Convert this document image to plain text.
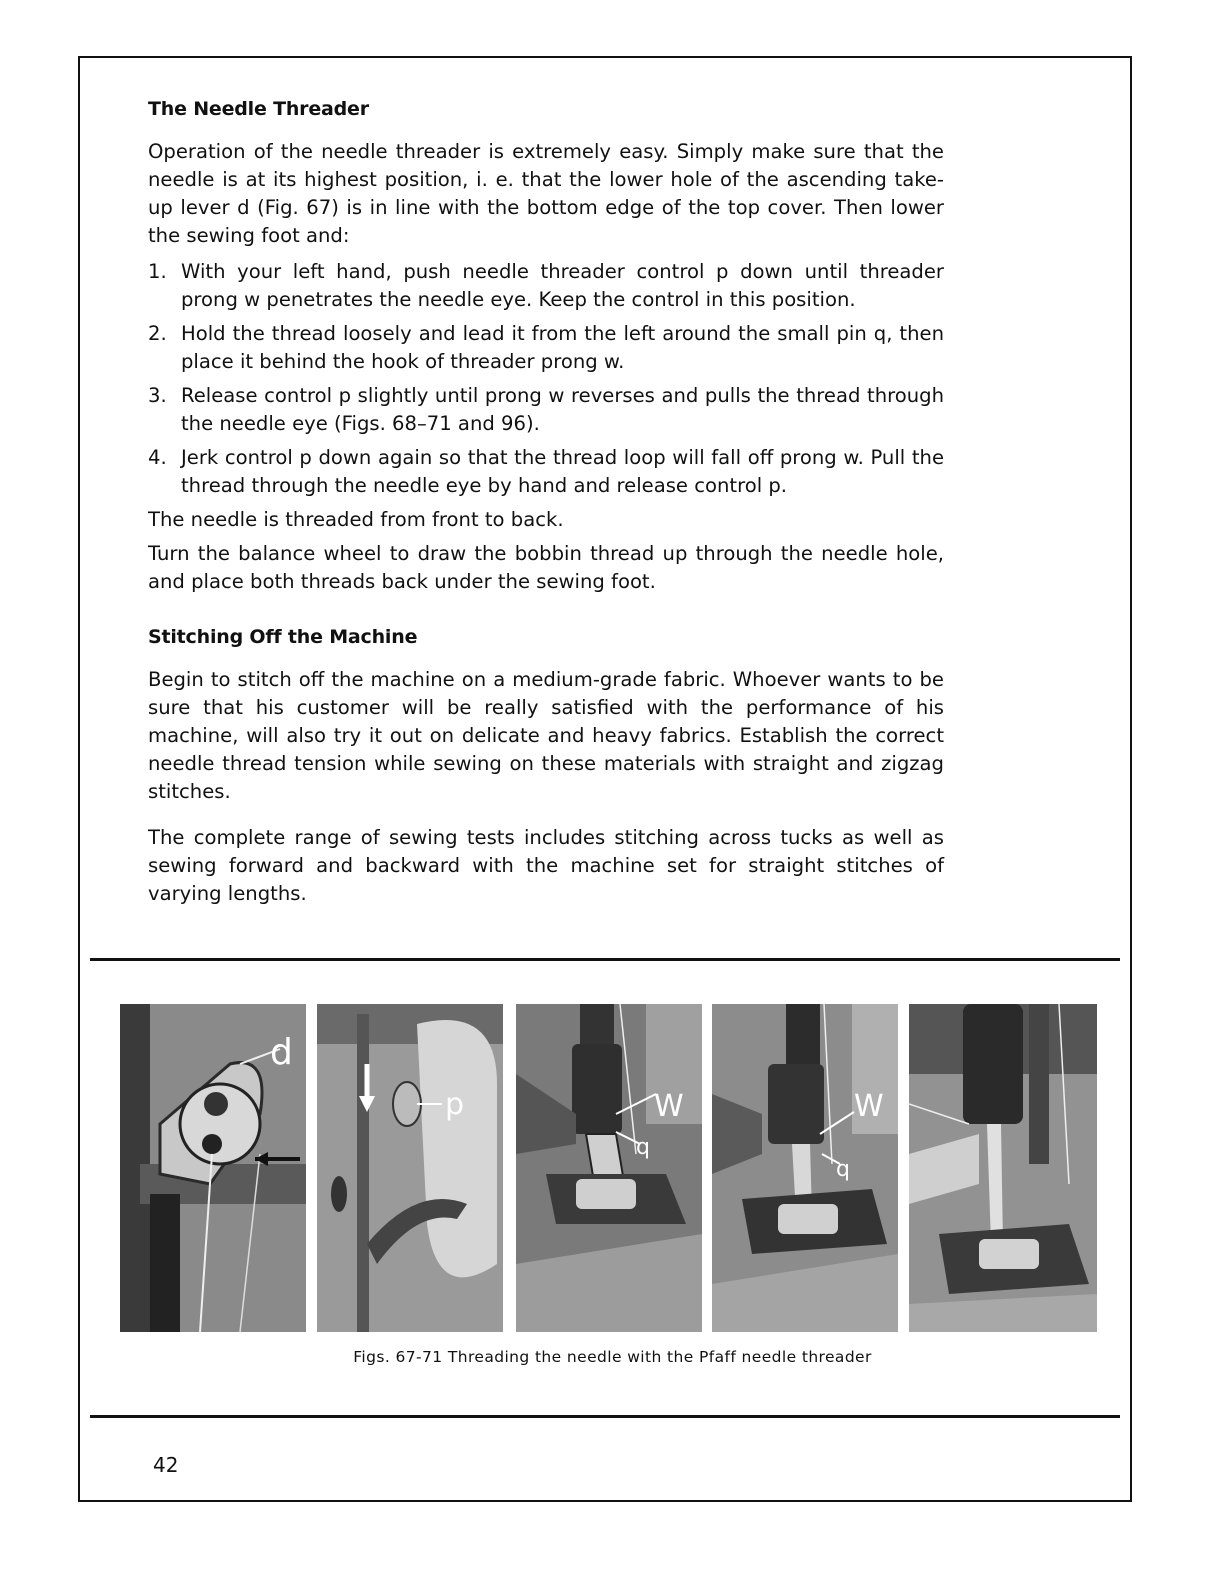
The Needle Threader

Operation of the needle threader is extremely easy. Simply make sure that the needle is at its highest position, i. e. that the lower hole of the ascending take-up lever d (Fig. 67) is in line with the bottom edge of the top cover. Then lower the sewing foot and:

1. With your left hand, push needle threader control p down until threader prong w penetrates the needle eye. Keep the control in this position.
2. Hold the thread loosely and lead it from the left around the small pin q, then place it behind the hook of threader prong w.
3. Release control p slightly until prong w reverses and pulls the thread through the needle eye (Figs. 68–71 and 96).
4. Jerk control p down again so that the thread loop will fall off prong w. Pull the thread through the needle eye by hand and release control p.

The needle is threaded from front to back.

Turn the balance wheel to draw the bobbin thread up through the needle hole, and place both threads back under the sewing foot.

Stitching Off the Machine

Begin to stitch off the machine on a medium-grade fabric. Whoever wants to be sure that his customer will be really satisfied with the performance of his machine, will also try it out on delicate and heavy fabrics. Establish the correct needle thread tension while sewing on these materials with straight and zigzag stitches.

The complete range of sewing tests includes stitching across tucks as well as sewing forward and backward with the machine set for straight stitches of varying lengths.

d
p	W
q
W
q
Figs. 67-71 Threading the needle with the Pfaff needle threader
42
